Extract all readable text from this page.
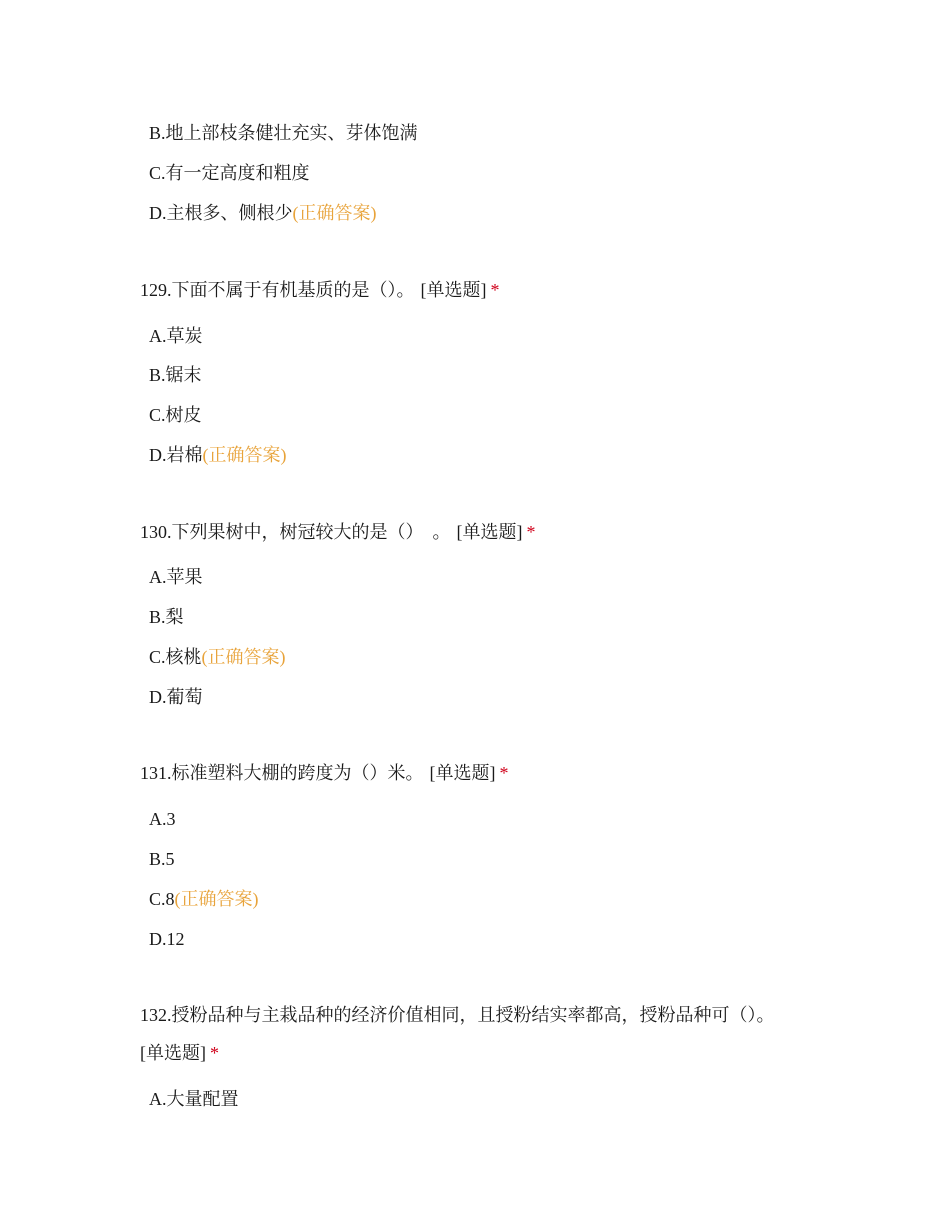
B.地上部枝条健壮充实、芽体饱满
C.有一定高度和粗度
D.主根多、侧根少(正确答案)
129.下面不属于有机基质的是（）。 [单选题] *
A.草炭
B.锯末
C.树皮
D.岩棉(正确答案)
130.下列果树中，树冠较大的是（）　。 [单选题] *
A.苹果
B.梨
C.核桃(正确答案)
D.葡萄
131.标准塑料大棚的跨度为（）米。 [单选题] *
A.3
B.5
C.8(正确答案)
D.12
132.授粉品种与主栽品种的经济价值相同，且授粉结实率都高，授粉品种可（）。
[单选题] *
A.大量配置
